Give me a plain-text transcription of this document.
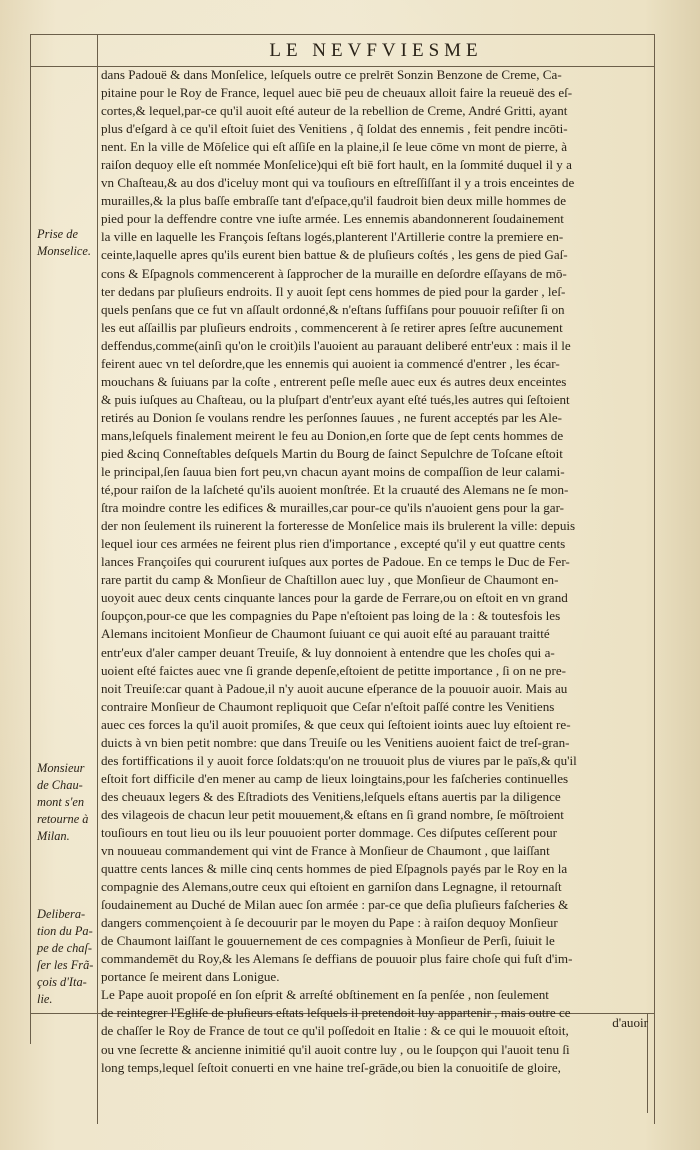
LE NEVFVIESME

Prise de
Monselice.

Monsieur
de Chau-
mont s'en
retourne à
Milan.

Delibera-
tion du Pa-
pe de chaſ-
ſer les Frã-
çois d'Ita-
lie.

dans Padouë & dans Monſelice, leſquels outre ce prelrēt Sonzin Benzone de Creme, Ca-
pitaine pour le Roy de France, lequel auec biē peu de cheuaux alloit faire la reueuë des eſ-
cortes,& lequel,par-ce qu'il auoit eſté auteur de la rebellion de Creme, André Gritti, ayant
plus d'eſgard à ce qu'il eſtoit ſuiet des Venitiens , q̃ ſoldat des ennemis , feit pendre incōti-
nent. En la ville de Mōſelice qui eſt aſſiſe en la plaine,il ſe leue cōme vn mont de pierre, à
raiſon dequoy elle eſt nommée Monſelice)qui eſt biē fort hault, en la ſommité duquel il y a
vn Chaſteau,& au dos d'iceluy mont qui va touſiours en eſtreſſiſſant il y a trois enceintes de
murailles,& la plus baſſe embraſſe tant d'eſpace,qu'il faudroit bien deux mille hommes de
pied pour la deffendre contre vne iuſte armée. Les ennemis abandonnerent ſoudainement
la ville en laquelle les François ſeſtans logés,planterent l'Artillerie contre la premiere en-
ceinte,laquelle apres qu'ils eurent bien battue & de pluſieurs coſtés , les gens de pied Gaſ-
cons & Eſpagnols commencerent à ſapprocher de la muraille en deſordre eſſayans de mō-
ter dedans par pluſieurs endroits. Il y auoit ſept cens hommes de pied pour la garder , leſ-
quels penſans que ce fut vn aſſault ordonné,& n'eſtans ſuffiſans pour pouuoir reſiſter ſi on
les eut aſſaillis par pluſieurs endroits , commencerent à ſe retirer apres ſeſtre aucunement
deffendus,comme(ainſi qu'on le croit)ils l'auoient au parauant deliberé entr'eux : mais il le
feirent auec vn tel deſordre,que les ennemis qui auoient ia commencé d'entrer , les écar-
mouchans & ſuiuans par la coſte , entrerent peſle meſle auec eux és autres deux enceintes
& puis iuſques au Chaſteau, ou la pluſpart d'entr'eux ayant eſté tués,les autres qui ſeſtoient
retirés au Donion ſe voulans rendre les perſonnes ſauues , ne furent acceptés par les Ale-
mans,leſquels finalement meirent le feu au Donion,en ſorte que de ſept cents hommes de
pied &cinq Conneſtables deſquels Martin du Bourg de ſainct Sepulchre de Toſcane eſtoit
le principal,ſen ſauua bien fort peu,vn chacun ayant moins de compaſſion de leur calami-
té,pour raiſon de la laſcheté qu'ils auoient monſtrée. Et la cruauté des Alemans ne ſe mon-
ſtra moindre contre les edifices & murailles,car pour-ce qu'ils n'auoient gens pour la gar-
der non ſeulement ils ruinerent la forteresse de Monſelice mais ils brulerent la ville: depuis
lequel iour ces armées ne feirent plus rien d'importance , excepté qu'il y eut quattre cents
lances Françoiſes qui coururent iuſques aux portes de Padoue. En ce temps le Duc de Fer-
rare partit du camp & Monſieur de Chaſtillon auec luy , que Monſieur de Chaumont en-
uoyoit auec deux cents cinquante lances pour la garde de Ferrare,ou on eſtoit en vn grand
ſoupçon,pour-ce que les compagnies du Pape n'eſtoient pas loing de la : & toutesfois les
Alemans incitoient Monſieur de Chaumont ſuiuant ce qui auoit eſté au parauant traitté
entr'eux d'aler camper deuant Treuiſe, & luy donnoient à entendre que les choſes qui a-
uoient eſté faictes auec vne ſi grande depenſe,eſtoient de petitte importance , ſi on ne pre-
noit Treuiſe:car quant à Padoue,il n'y auoit aucune eſperance de la pouuoir auoir. Mais au
contraire Monſieur de Chaumont repliquoit que Ceſar n'eſtoit paſſé contre les Venitiens
auec ces forces la qu'il auoit promiſes, & que ceux qui ſeſtoient ioints auec luy eſtoient re-
duicts à vn bien petit nombre: que dans Treuiſe ou les Venitiens auoient faict de treſ-gran-
des fortiffications il y auoit force ſoldats:qu'on ne trouuoit plus de viures par le païs,& qu'il
eſtoit fort difficile d'en mener au camp de lieux loingtains,pour les faſcheries continuelles
des cheuaux legers & des Eſtradiots des Venitiens,leſquels eſtans auertis par la diligence
des vilageois de chacun leur petit mouuement,& eſtans en ſi grand nombre, ſe mōſtroient
touſiours en tout lieu ou ils leur pouuoient porter dommage. Ces diſputes ceſſerent pour
vn nouueau commandement qui vint de France à Monſieur de Chaumont , que laiſſant
quattre cents lances & mille cinq cents hommes de pied Eſpagnols payés par le Roy en la
compagnie des Alemans,outre ceux qui eſtoient en garniſon dans Legnagne, il retournaſt
ſoudainement au Duché de Milan auec ſon armée : par-ce que deſia pluſieurs faſcheries &
dangers commençoient à ſe decouurir par le moyen du Pape : à raiſon dequoy Monſieur
de Chaumont laiſſant le gouuernement de ces compagnies à Monſieur de Perſi, ſuiuit le
commandemēt du Roy,& les Alemans ſe deffians de pouuoir plus faire choſe qui fuſt d'im-
portance ſe meirent dans Lonigue.
Le Pape auoit propoſé en ſon eſprit & arreſté obſtinement en ſa penſée , non ſeulement
de reintegrer l'Egliſe de pluſieurs eſtats leſquels il pretendoit luy appartenir , mais outre ce
de chaſſer le Roy de France de tout ce qu'il poſſedoit en Italie : & ce qui le mouuoit eſtoit,
ou vne ſecrette & ancienne inimitié qu'il auoit contre luy , ou le ſoupçon qui l'auoit tenu ſi
long temps,lequel ſeſtoit conuerti en vne haine treſ-grāde,ou bien la conuoitiſe de gloire,

d'auoir
